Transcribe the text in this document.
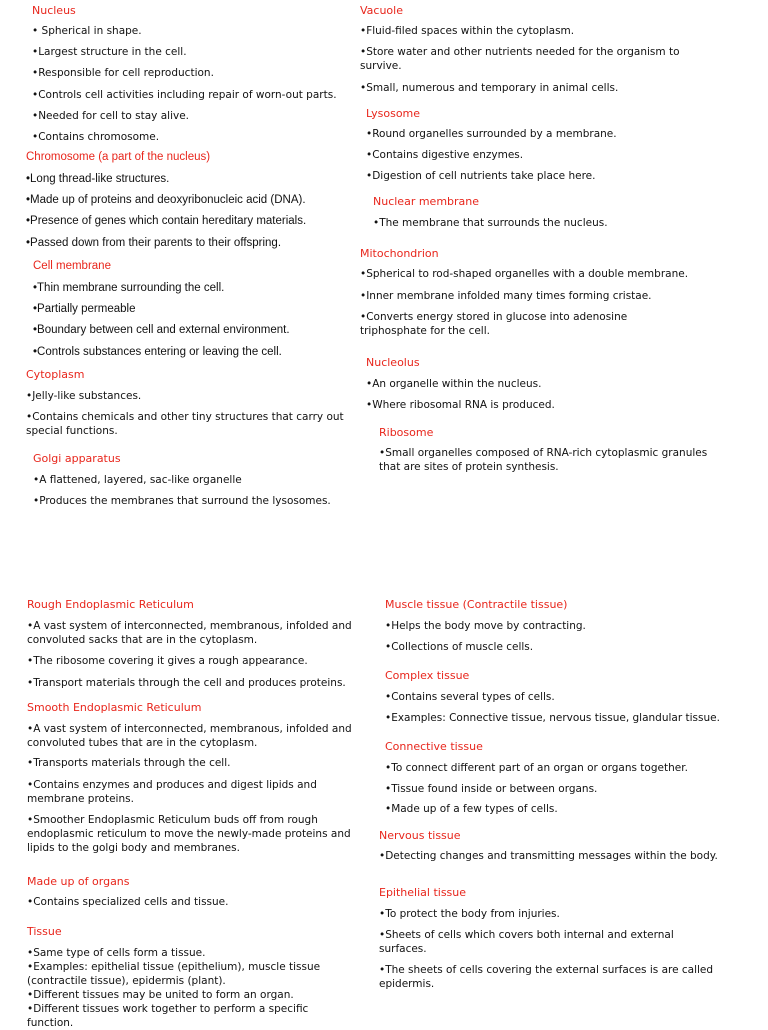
Nucleus

• Spherical in shape.

•Largest structure in the cell.

•Responsible for cell reproduction.

•Controls cell activities including repair of worn-out parts.

•Needed for cell to stay alive.

•Contains chromosome.

Chromosome (a part of the nucleus)

•Long thread-like structures.

•Made up of proteins and deoxyribonucleic acid (DNA).

•Presence of genes which contain hereditary materials.

•Passed down from their parents to their offspring.

Cell membrane

•Thin membrane surrounding the cell.

•Partially permeable

•Boundary between cell and external environment.

•Controls substances entering or leaving the cell.

Cytoplasm

•Jelly-like substances.

•Contains chemicals and other tiny structures that carry out special functions.

Golgi apparatus

•A flattened, layered, sac-like organelle

•Produces the membranes that surround the lysosomes.

Vacuole

•Fluid-filed spaces within the cytoplasm.

•Store water and other nutrients needed for the organism to survive.

•Small, numerous and temporary in animal cells.

Lysosome

•Round organelles surrounded by a membrane.

•Contains digestive enzymes.

•Digestion of cell nutrients take place here.

Nuclear membrane

•The membrane that surrounds the nucleus.

Mitochondrion

•Spherical to rod-shaped organelles with a double membrane.

•Inner membrane infolded many times forming cristae.

•Converts energy stored in glucose into adenosine triphosphate for the cell.

Nucleolus

•An organelle within the nucleus.

•Where ribosomal RNA is produced.

Ribosome

•Small organelles composed of RNA-rich cytoplasmic granules that are sites of protein synthesis.

Rough Endoplasmic Reticulum

•A vast system of interconnected, membranous, infolded and convoluted sacks that are in the cytoplasm.

•The ribosome covering it gives a rough appearance.

•Transport materials through the cell and produces proteins.

Smooth Endoplasmic Reticulum

•A vast system of interconnected, membranous, infolded and convoluted tubes that are in the cytoplasm.

•Transports materials through the cell.

•Contains enzymes and produces and digest lipids and membrane proteins.

•Smoother Endoplasmic Reticulum buds off from rough endoplasmic reticulum to move the newly-made proteins and lipids to the golgi body and membranes.

Made up of organs

•Contains specialized cells and tissue.

Tissue

•Same type of cells form a tissue.

•Examples: epithelial tissue (epithelium), muscle tissue (contractile tissue), epidermis (plant).

•Different tissues may be united to form an organ.

•Different tissues work together to perform a specific function.

Muscle tissue (Contractile tissue)

•Helps the body move by contracting.

•Collections of muscle cells.

Complex tissue

•Contains several types of cells.

•Examples: Connective tissue, nervous tissue, glandular tissue.

Connective tissue

•To connect different part of an organ or organs together.

•Tissue found inside or between organs.

•Made up of a few types of cells.

Nervous tissue

•Detecting changes and transmitting messages within the body.

Epithelial tissue

•To protect the body from injuries.

•Sheets of cells which covers both internal and external surfaces.

•The sheets of cells covering the external surfaces is are called epidermis.
